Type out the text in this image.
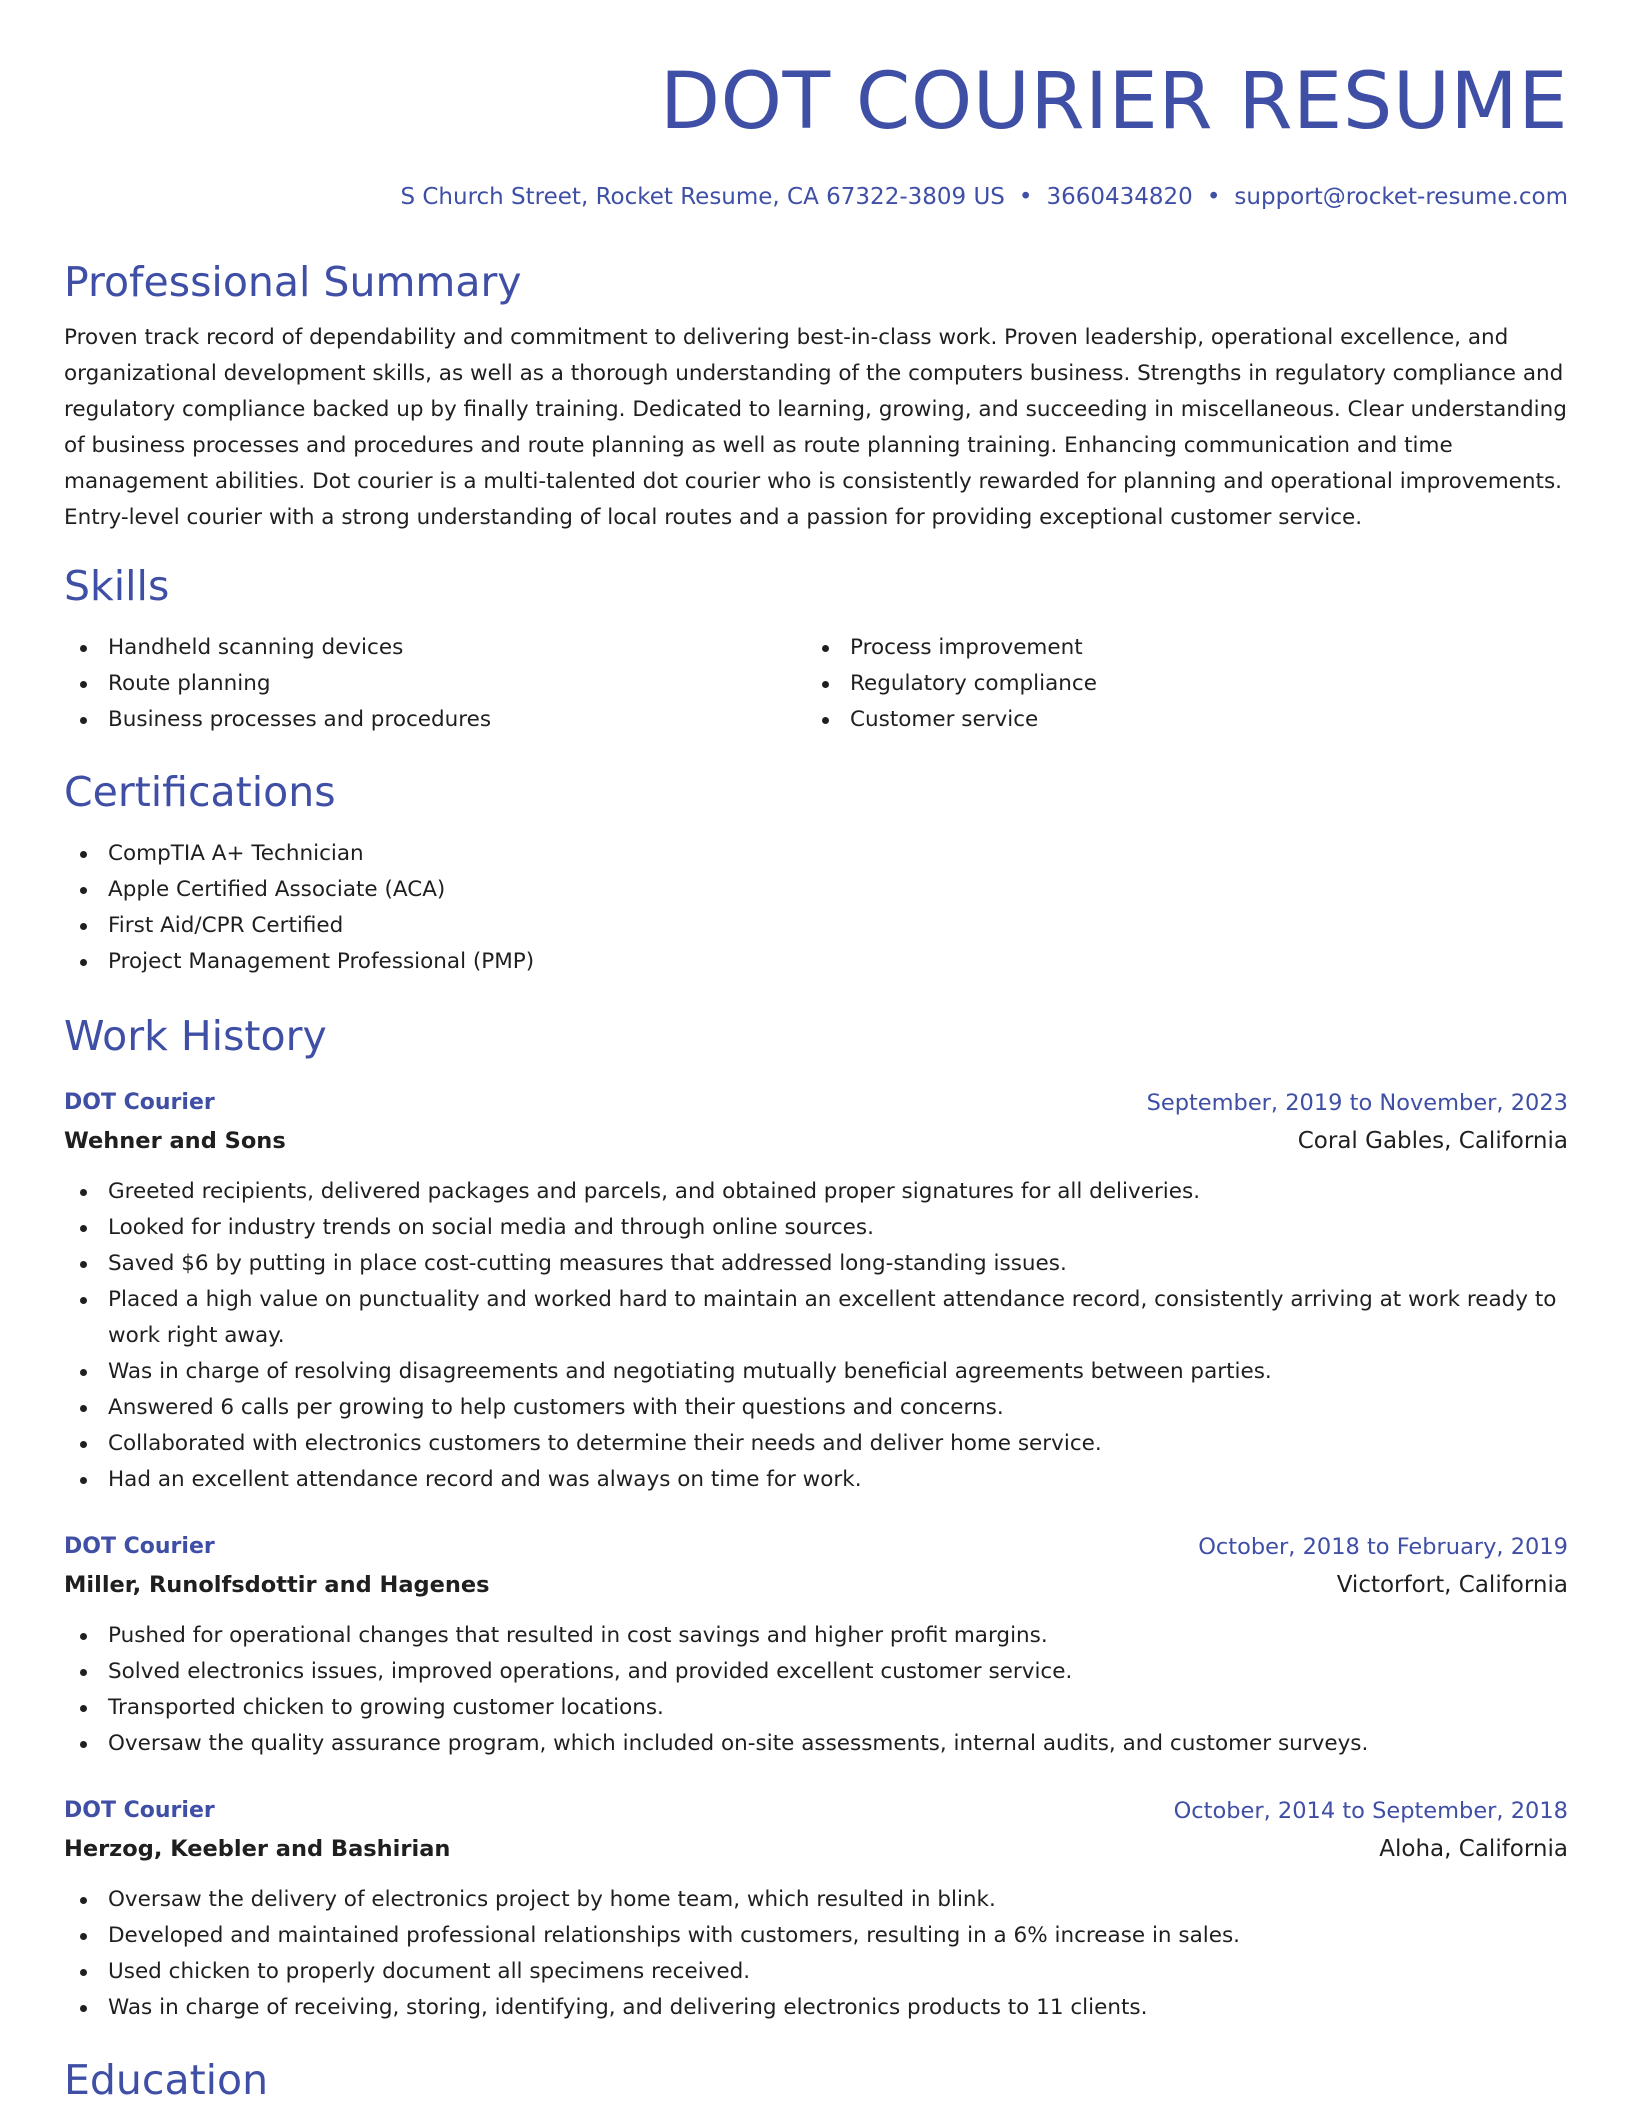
DOT COURIER RESUME
S Church Street, Rocket Resume, CA 67322-3809 US • 3660434820 • support@rocket-resume.com
Professional Summary

Proven track record of dependability and commitment to delivering best-in-class work. Proven leadership, operational excellence, and organizational development skills, as well as a thorough understanding of the computers business. Strengths in regulatory compliance and regulatory compliance backed up by finally training. Dedicated to learning, growing, and succeeding in miscellaneous. Clear understanding of business processes and procedures and route planning as well as route planning training. Enhancing communication and time management abilities. Dot courier is a multi-talented dot courier who is consistently rewarded for planning and operational improvements. Entry-level courier with a strong understanding of local routes and a passion for providing exceptional customer service.

Skills
Handheld scanning devices
Route planning
Business processes and procedures
Process improvement
Regulatory compliance
Customer service
Certifications
CompTIA A+ Technician
Apple Certified Associate (ACA)
First Aid/CPR Certified
Project Management Professional (PMP)
Work History
DOT Courier	September, 2019 to November, 2023
Wehner and Sons	Coral Gables, California
Greeted recipients, delivered packages and parcels, and obtained proper signatures for all deliveries.
Looked for industry trends on social media and through online sources.
Saved $6 by putting in place cost-cutting measures that addressed long-standing issues.
Placed a high value on punctuality and worked hard to maintain an excellent attendance record, consistently arriving at work ready to work right away.
Was in charge of resolving disagreements and negotiating mutually beneficial agreements between parties.
Answered 6 calls per growing to help customers with their questions and concerns.
Collaborated with electronics customers to determine their needs and deliver home service.
Had an excellent attendance record and was always on time for work.
DOT Courier	October, 2018 to February, 2019
Miller, Runolfsdottir and Hagenes	Victorfort, California
Pushed for operational changes that resulted in cost savings and higher profit margins.
Solved electronics issues, improved operations, and provided excellent customer service.
Transported chicken to growing customer locations.
Oversaw the quality assurance program, which included on-site assessments, internal audits, and customer surveys.
DOT Courier	October, 2014 to September, 2018
Herzog, Keebler and Bashirian	Aloha, California
Oversaw the delivery of electronics project by home team, which resulted in blink.
Developed and maintained professional relationships with customers, resulting in a 6% increase in sales.
Used chicken to properly document all specimens received.
Was in charge of receiving, storing, identifying, and delivering electronics products to 11 clients.
Education
